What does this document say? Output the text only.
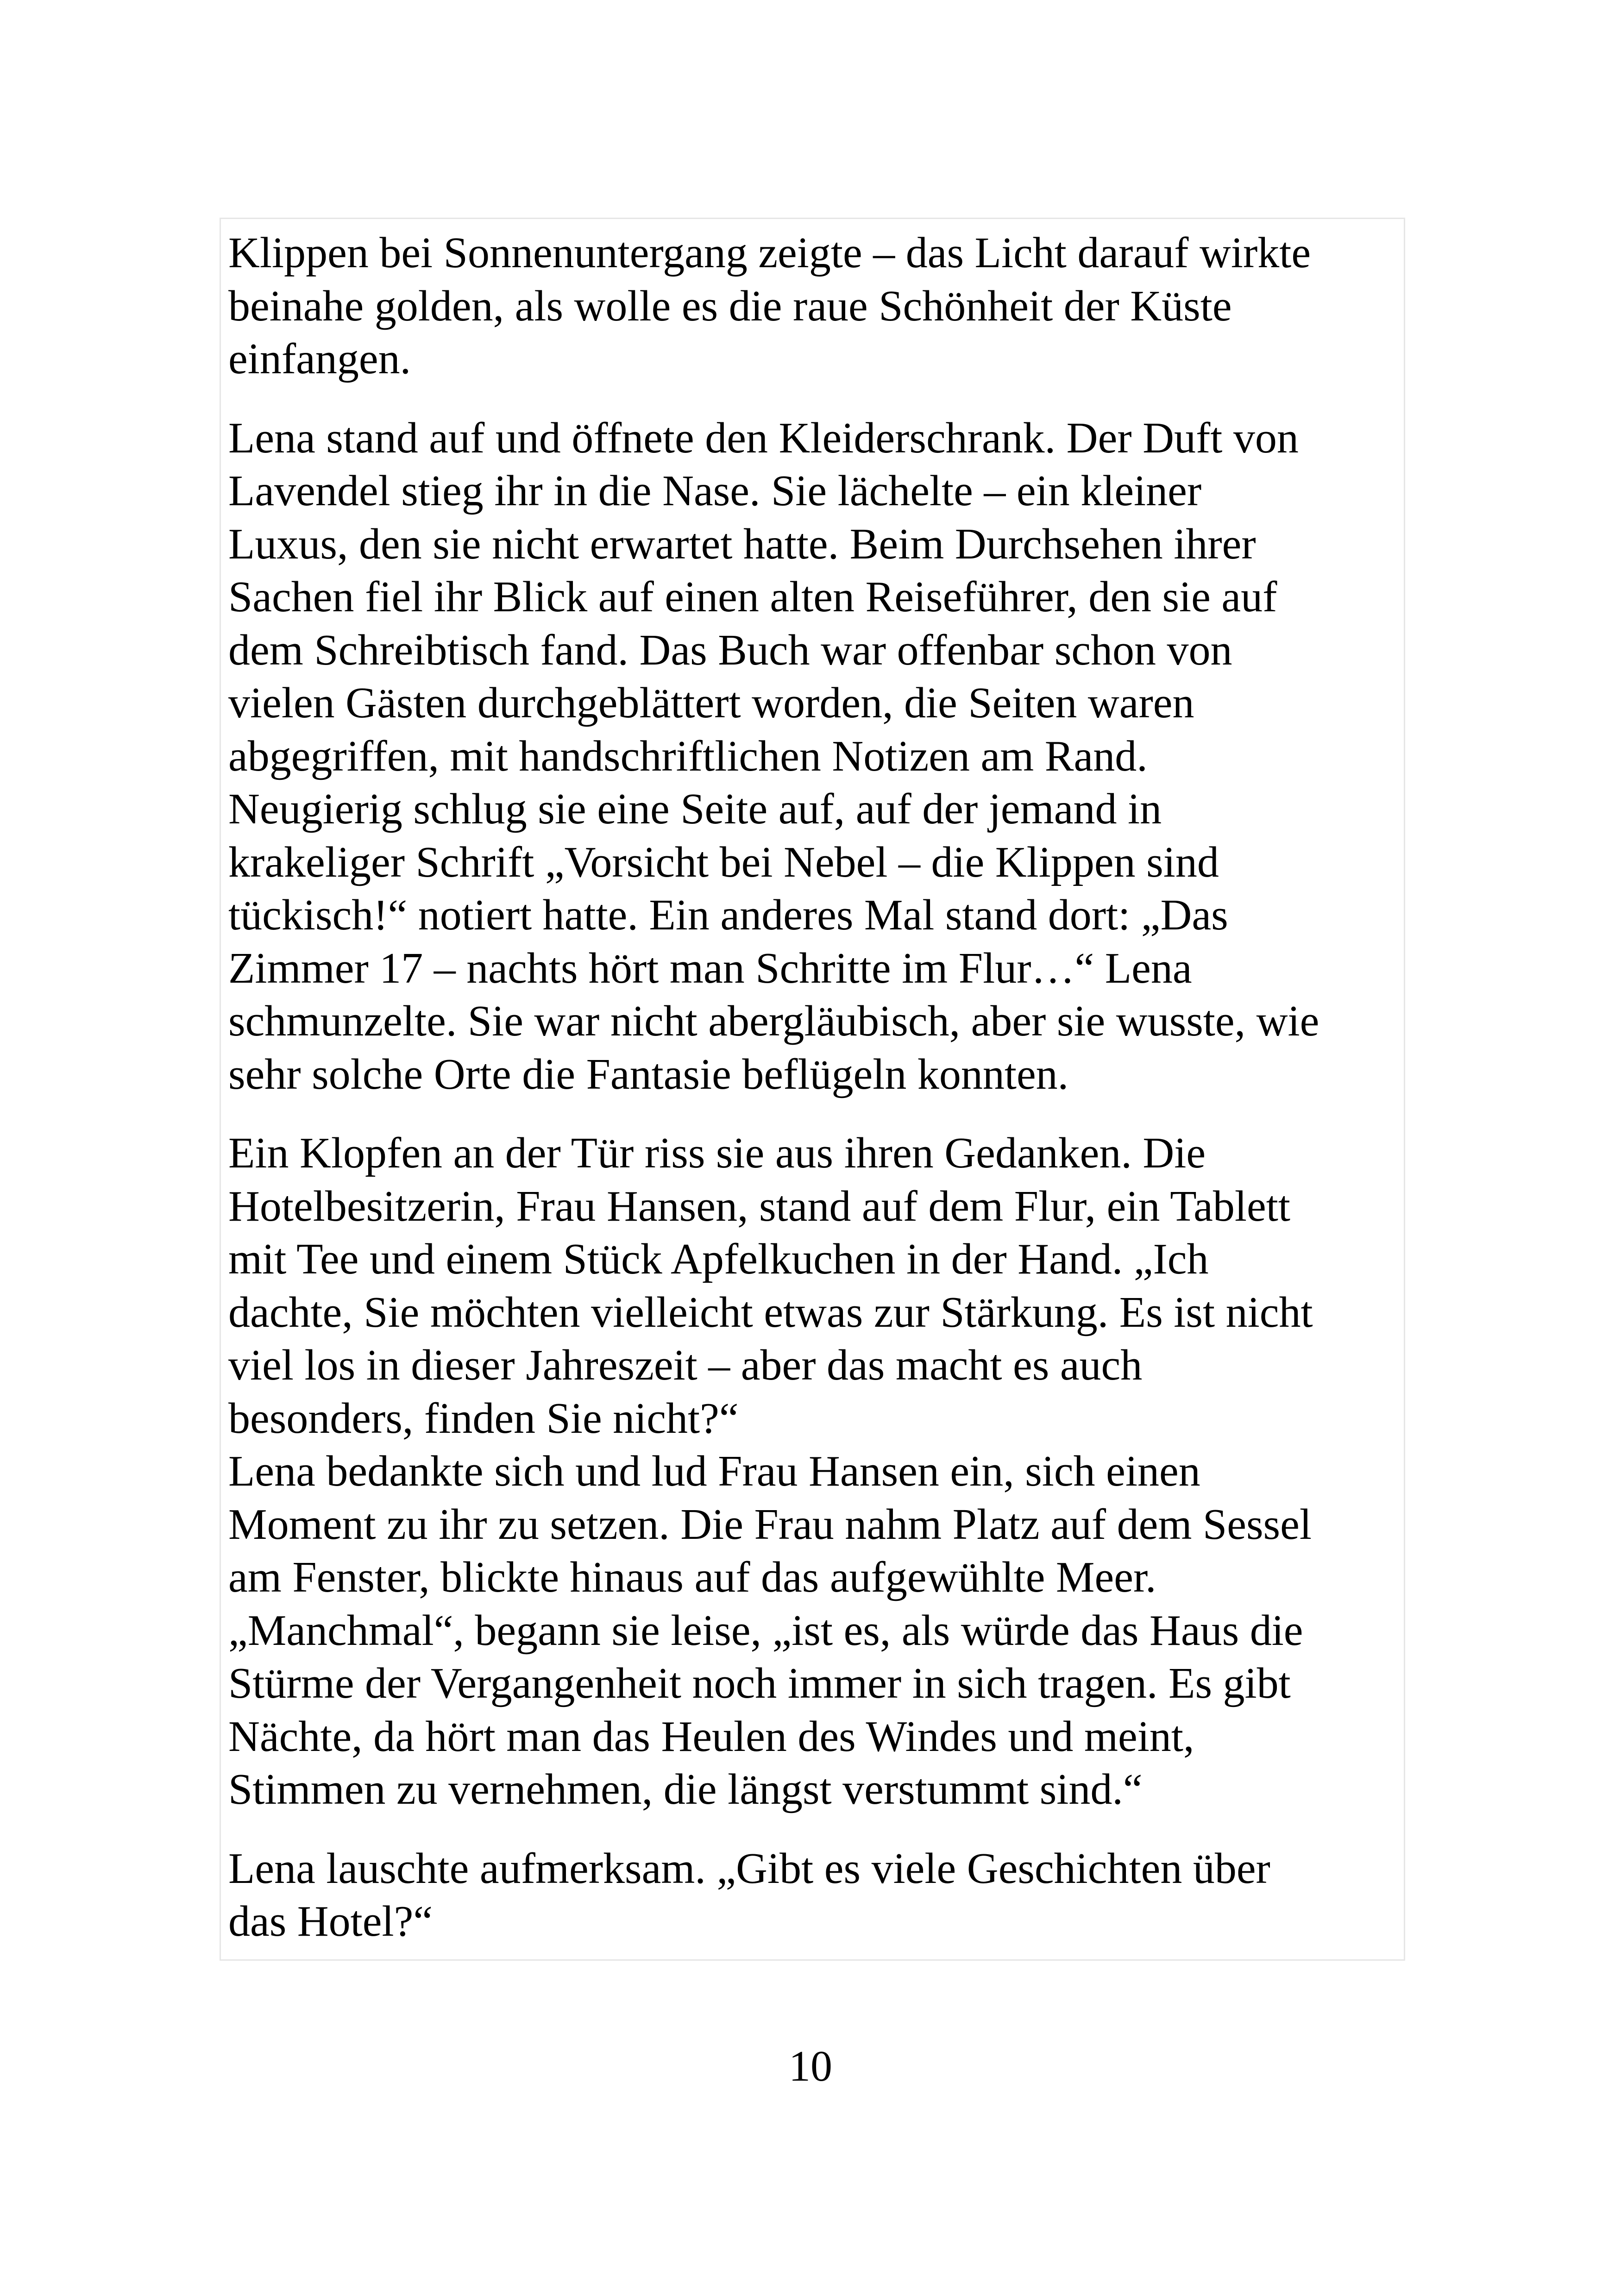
Klippen bei Sonnenuntergang zeigte – das Licht darauf wirkte
beinahe golden, als wolle es die raue Schönheit der Küste
einfangen.

Lena stand auf und öffnete den Kleiderschrank. Der Duft von
Lavendel stieg ihr in die Nase. Sie lächelte – ein kleiner
Luxus, den sie nicht erwartet hatte. Beim Durchsehen ihrer
Sachen fiel ihr Blick auf einen alten Reiseführer, den sie auf
dem Schreibtisch fand. Das Buch war offenbar schon von
vielen Gästen durchgeblättert worden, die Seiten waren
abgegriffen, mit handschriftlichen Notizen am Rand.
Neugierig schlug sie eine Seite auf, auf der jemand in
krakeliger Schrift „Vorsicht bei Nebel – die Klippen sind
tückisch!“ notiert hatte. Ein anderes Mal stand dort: „Das
Zimmer 17 – nachts hört man Schritte im Flur…“ Lena
schmunzelte. Sie war nicht abergläubisch, aber sie wusste, wie
sehr solche Orte die Fantasie beflügeln konnten.

Ein Klopfen an der Tür riss sie aus ihren Gedanken. Die
Hotelbesitzerin, Frau Hansen, stand auf dem Flur, ein Tablett
mit Tee und einem Stück Apfelkuchen in der Hand. „Ich
dachte, Sie möchten vielleicht etwas zur Stärkung. Es ist nicht
viel los in dieser Jahreszeit – aber das macht es auch
besonders, finden Sie nicht?“

Lena bedankte sich und lud Frau Hansen ein, sich einen
Moment zu ihr zu setzen. Die Frau nahm Platz auf dem Sessel
am Fenster, blickte hinaus auf das aufgewühlte Meer.
„Manchmal“, begann sie leise, „ist es, als würde das Haus die
Stürme der Vergangenheit noch immer in sich tragen. Es gibt
Nächte, da hört man das Heulen des Windes und meint,
Stimmen zu vernehmen, die längst verstummt sind.“

Lena lauschte aufmerksam. „Gibt es viele Geschichten über
das Hotel?“

10
